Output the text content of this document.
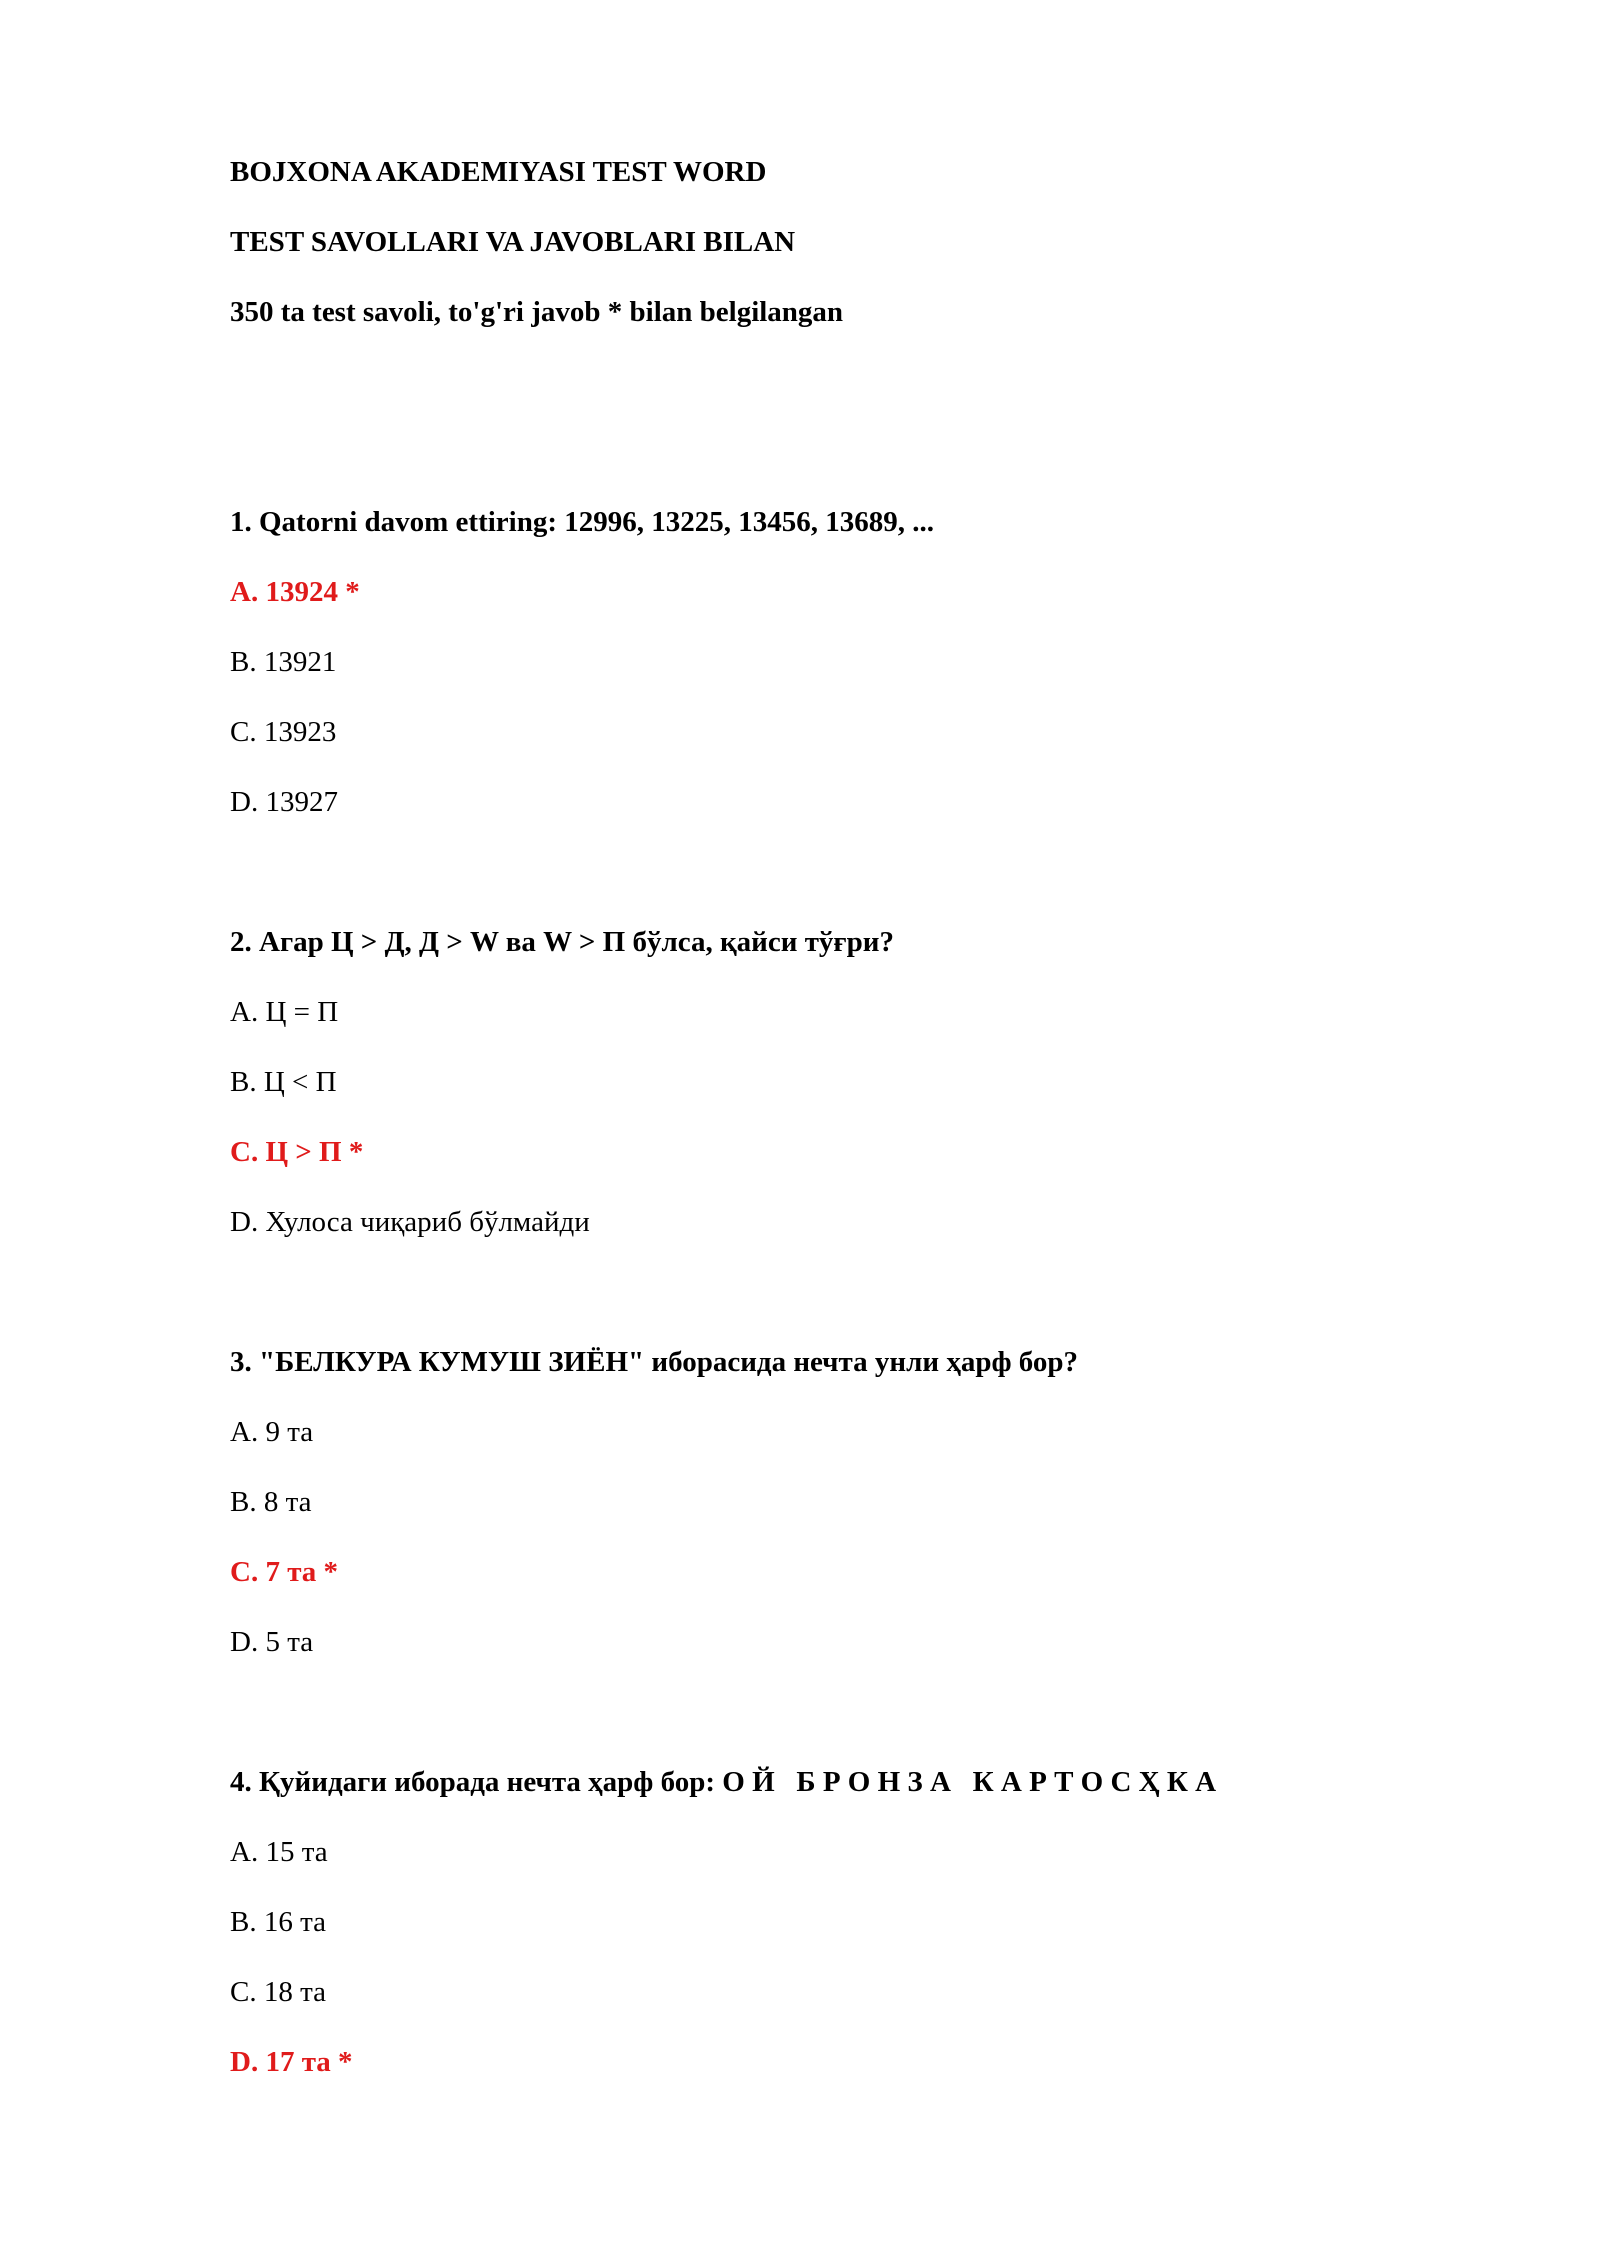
BOJXONA AKADEMIYASI TEST WORD
TEST SAVOLLARI VA JAVOBLARI BILAN
350 ta test savoli, to'g'ri javob * bilan belgilangan
1. Qatorni davom ettiring: 12996, 13225, 13456, 13689, ...
A. 13924 *
B. 13921
C. 13923
D. 13927
2. Агар Ц > Д, Д > W ва W > П бўлса, қайси тўғри?
A. Ц = П
B. Ц < П
C. Ц > П *
D. Хулоса чиқариб бўлмайди
3. "БЕЛКУРА КУМУШ ЗИЁН" иборасида нечта унли ҳарф бор?
A. 9 та
B. 8 та
C. 7 та *
D. 5 та
4. Қуйидаги иборада нечта ҳарф бор: О Й   Б Р О Н З А   К А Р Т О С Ҳ К А
A. 15 та
B. 16 та
C. 18 та
D. 17 та *
